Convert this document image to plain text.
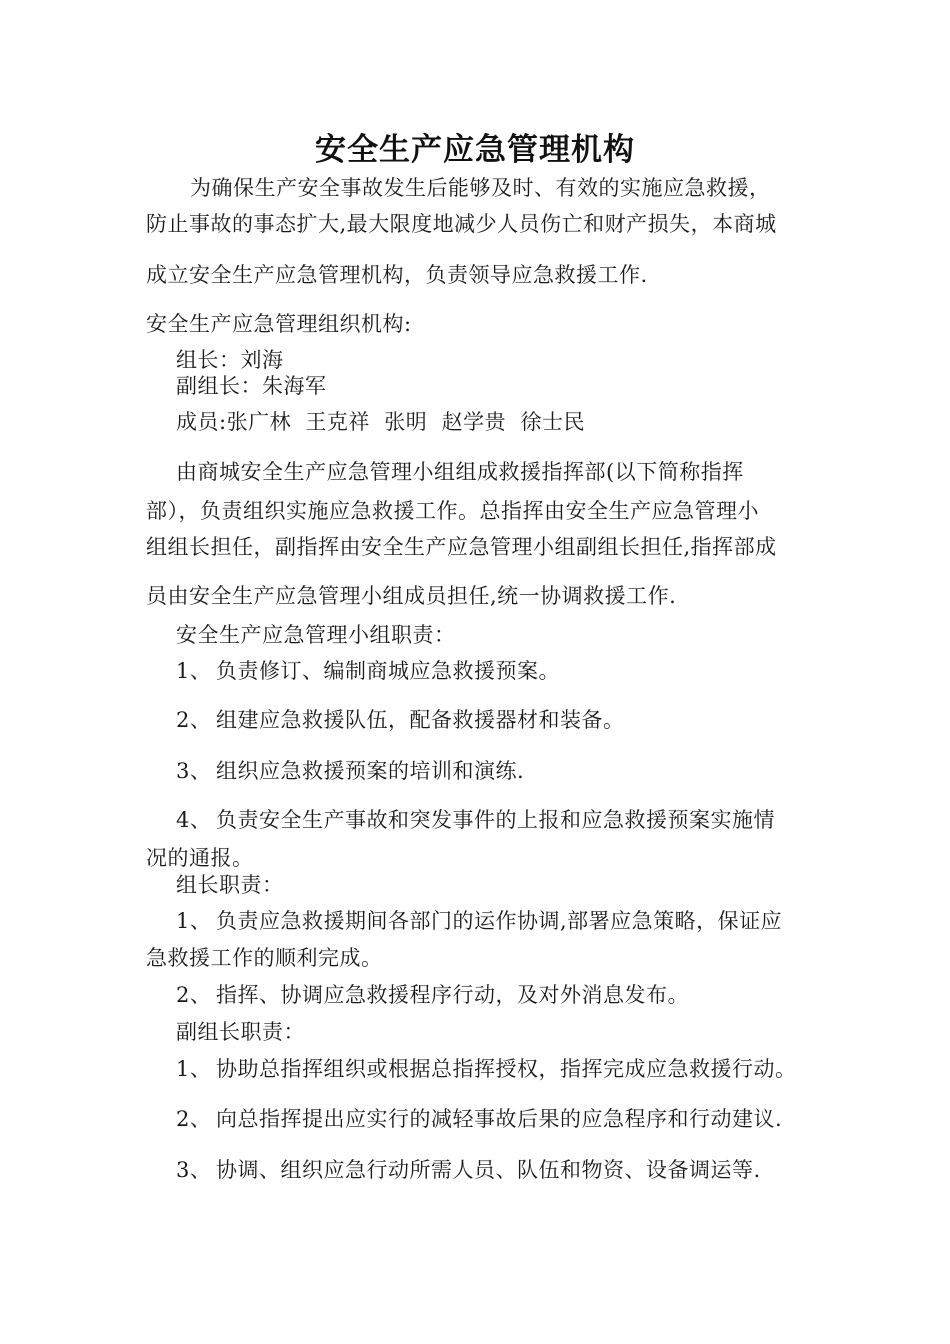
安全生产应急管理机构
为确保生产安全事故发生后能够及时、有效的实施应急救援，
防止事故的事态扩大,最大限度地减少人员伤亡和财产损失，本商城
成立安全生产应急管理机构，负责领导应急救援工作.
安全生产应急管理组织机构:
组长：刘海
副组长：朱海军
成员:张广林  王克祥  张明  赵学贵  徐士民
由商城安全生产应急管理小组组成救援指挥部(以下简称指挥
部），负责组织实施应急救援工作。总指挥由安全生产应急管理小
组组长担任，副指挥由安全生产应急管理小组副组长担任,指挥部成
员由安全生产应急管理小组成员担任,统一协调救援工作.
安全生产应急管理小组职责：
1、 负责修订、编制商城应急救援预案。
2、 组建应急救援队伍，配备救援器材和装备。
3、 组织应急救援预案的培训和演练.
4、 负责安全生产事故和突发事件的上报和应急救援预案实施情
况的通报。
组长职责：
1、 负责应急救援期间各部门的运作协调,部署应急策略，保证应
急救援工作的顺利完成。
2、 指挥、协调应急救援程序行动，及对外消息发布。
副组长职责：
1、 协助总指挥组织或根据总指挥授权，指挥完成应急救援行动。
2、 向总指挥提出应实行的减轻事故后果的应急程序和行动建议.
3、 协调、组织应急行动所需人员、队伍和物资、设备调运等.
